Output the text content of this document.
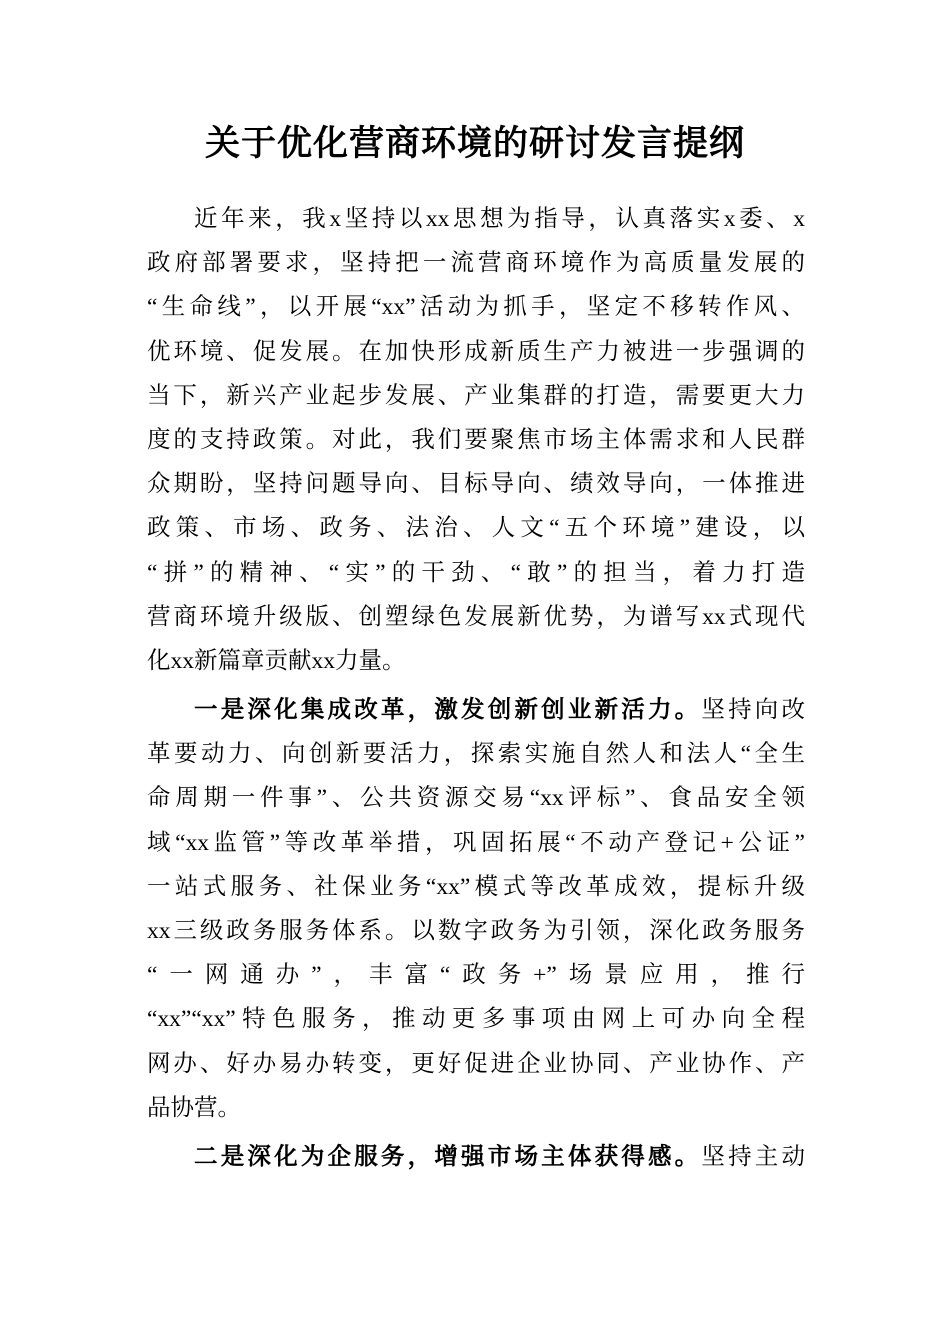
关于优化营商环境的研讨发言提纲
近年来，我x坚持以xx思想为指导，认真落实x委、x
政府部署要求，坚持把一流营商环境作为高质量发展的
“生命线”，以开展“xx”活动为抓手，坚定不移转作风、
优环境、促发展。在加快形成新质生产力被进一步强调的
当下，新兴产业起步发展、产业集群的打造，需要更大力
度的支持政策。对此，我们要聚焦市场主体需求和人民群
众期盼，坚持问题导向、目标导向、绩效导向，一体推进
政策、市场、政务、法治、人文“五个环境”建设，以
“拼”的精神、“实”的干劲、“敢”的担当，着力打造
营商环境升级版、创塑绿色发展新优势，为谱写xx式现代
化xx新篇章贡献xx力量。
一是深化集成改革，激发创新创业新活力。坚持向改
革要动力、向创新要活力，探索实施自然人和法人“全生
命周期一件事”、公共资源交易“xx评标”、食品安全领
域“xx监管”等改革举措，巩固拓展“不动产登记+公证”
一站式服务、社保业务“xx”模式等改革成效，提标升级
xx三级政务服务体系。以数字政务为引领，深化政务服务
“一网通办”，丰富“政务+”场景应用，推行
“xx”“xx”特色服务，推动更多事项由网上可办向全程
网办、好办易办转变，更好促进企业协同、产业协作、产
品协营。
二是深化为企服务，增强市场主体获得感。坚持主动
